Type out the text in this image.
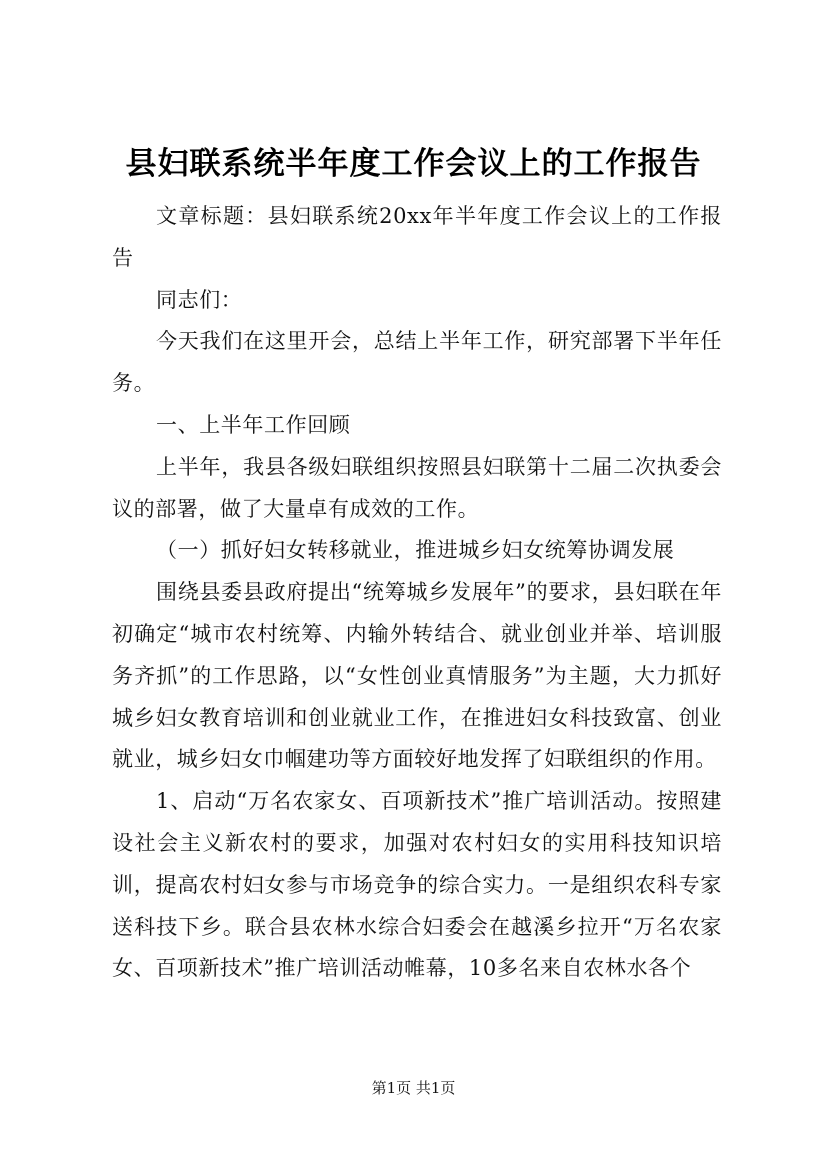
县妇联系统半年度工作会议上的工作报告

文章标题：县妇联系统20xx年半年度工作会议上的工作报告

同志们：

今天我们在这里开会，总结上半年工作，研究部署下半年任务。

一、上半年工作回顾

上半年，我县各级妇联组织按照县妇联第十二届二次执委会议的部署，做了大量卓有成效的工作。

（一）抓好妇女转移就业，推进城乡妇女统筹协调发展

围绕县委县政府提出“统筹城乡发展年”的要求，县妇联在年初确定“城市农村统筹、内输外转结合、就业创业并举、培训服务齐抓”的工作思路，以“女性创业真情服务”为主题，大力抓好城乡妇女教育培训和创业就业工作，在推进妇女科技致富、创业就业，城乡妇女巾帼建功等方面较好地发挥了妇联组织的作用。

1、启动“万名农家女、百项新技术”推广培训活动。按照建设社会主义新农村的要求，加强对农村妇女的实用科技知识培训，提高农村妇女参与市场竞争的综合实力。一是组织农科专家送科技下乡。联合县农林水综合妇委会在越溪乡拉开“万名农家女、百项新技术”推广培训活动帷幕，10多名来自农林水各个

第1页 共1页
